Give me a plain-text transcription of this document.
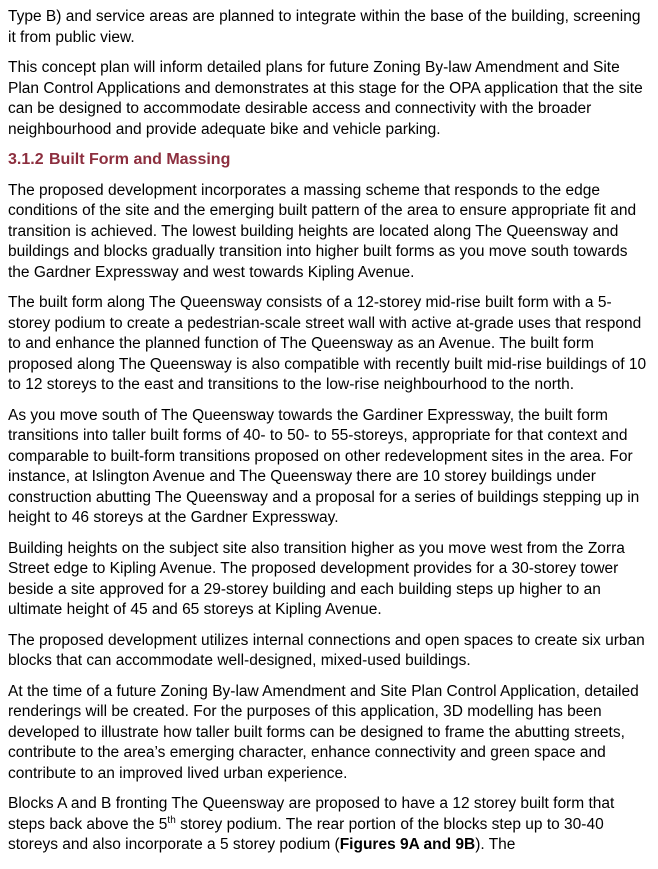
Type B) and service areas are planned to integrate within the base of the building, screening it from public view.

This concept plan will inform detailed plans for future Zoning By-law Amendment and Site Plan Control Applications and demonstrates at this stage for the OPA application that the site can be designed to accommodate desirable access and connectivity with the broader neighbourhood and provide adequate bike and vehicle parking.

3.1.2 Built Form and Massing

The proposed development incorporates a massing scheme that responds to the edge conditions of the site and the emerging built pattern of the area to ensure appropriate fit and transition is achieved. The lowest building heights are located along The Queensway and buildings and blocks gradually transition into higher built forms as you move south towards the Gardner Expressway and west towards Kipling Avenue.

The built form along The Queensway consists of a 12-storey mid-rise built form with a 5-storey podium to create a pedestrian-scale street wall with active at-grade uses that respond to and enhance the planned function of The Queensway as an Avenue. The built form proposed along The Queensway is also compatible with recently built mid-rise buildings of 10 to 12 storeys to the east and transitions to the low-rise neighbourhood to the north.

As you move south of The Queensway towards the Gardiner Expressway, the built form transitions into taller built forms of 40- to 50- to 55-storeys, appropriate for that context and comparable to built-form transitions proposed on other redevelopment sites in the area. For instance, at Islington Avenue and The Queensway there are 10 storey buildings under construction abutting The Queensway and a proposal for a series of buildings stepping up in height to 46 storeys at the Gardner Expressway.

Building heights on the subject site also transition higher as you move west from the Zorra Street edge to Kipling Avenue. The proposed development provides for a 30-storey tower beside a site approved for a 29-storey building and each building steps up higher to an ultimate height of 45 and 65 storeys at Kipling Avenue.

The proposed development utilizes internal connections and open spaces to create six urban blocks that can accommodate well-designed, mixed-used buildings.

At the time of a future Zoning By-law Amendment and Site Plan Control Application, detailed renderings will be created. For the purposes of this application, 3D modelling has been developed to illustrate how taller built forms can be designed to frame the abutting streets, contribute to the area’s emerging character, enhance connectivity and green space and contribute to an improved lived urban experience.

Blocks A and B fronting The Queensway are proposed to have a 12 storey built form that steps back above the 5th storey podium. The rear portion of the blocks step up to 30-40 storeys and also incorporate a 5 storey podium (Figures 9A and 9B). The
